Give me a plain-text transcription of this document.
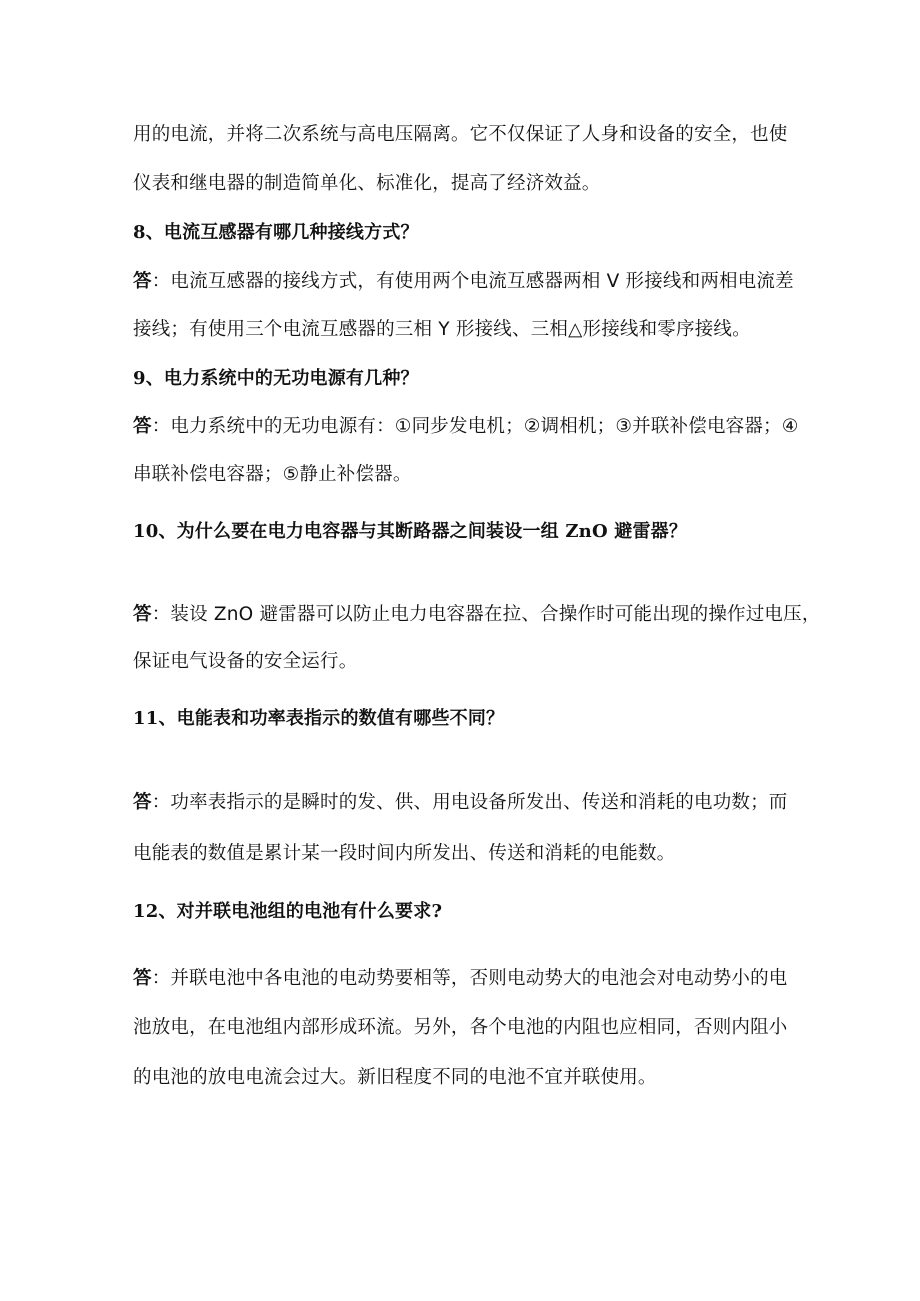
用的电流，并将二次系统与高电压隔离。它不仅保证了人身和设备的安全，也使
仪表和继电器的制造简单化、标准化，提高了经济效益。
8、电流互感器有哪几种接线方式？
答：电流互感器的接线方式，有使用两个电流互感器两相 V 形接线和两相电流差
接线；有使用三个电流互感器的三相 Y 形接线、三相△形接线和零序接线。
9、电力系统中的无功电源有几种？
答：电力系统中的无功电源有：①同步发电机；②调相机；③并联补偿电容器；④
串联补偿电容器；⑤静止补偿器。
10、为什么要在电力电容器与其断路器之间装设一组 ZnO 避雷器？
答：装设 ZnO 避雷器可以防止电力电容器在拉、合操作时可能出现的操作过电压，
保证电气设备的安全运行。
11、电能表和功率表指示的数值有哪些不同？
答：功率表指示的是瞬时的发、供、用电设备所发出、传送和消耗的电功数；而
电能表的数值是累计某一段时间内所发出、传送和消耗的电能数。
12、对并联电池组的电池有什么要求?
答：并联电池中各电池的电动势要相等，否则电动势大的电池会对电动势小的电
池放电，在电池组内部形成环流。另外，各个电池的内阻也应相同，否则内阻小
的电池的放电电流会过大。新旧程度不同的电池不宜并联使用。
